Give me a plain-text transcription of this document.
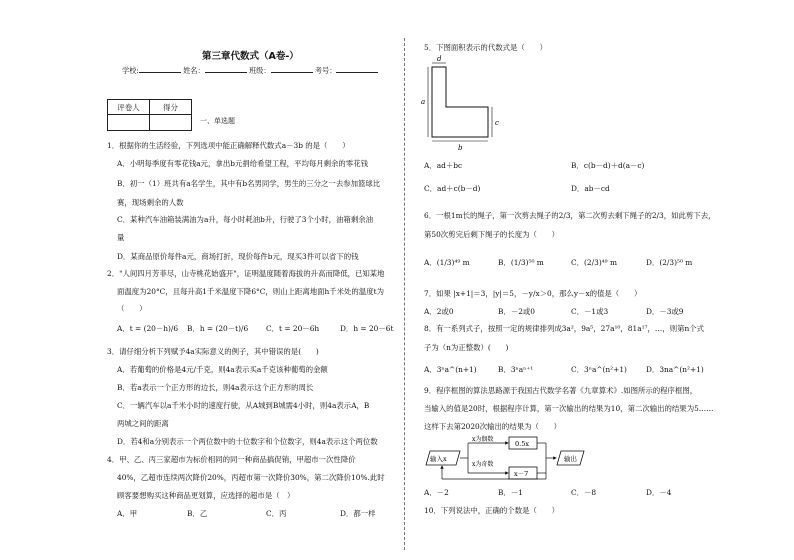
第三章代数式（A卷-）
学校:	姓名：	班级：	考号：
评卷人	得分

一、单选题
1．根据你的生活经验，下列选项中能正确解释代数式a－3b 的是（　　）
A．小明每季度有零花钱a元，拿出b元捐给希望工程，平均每月剩余的零花钱
B．初一（1）班共有a名学生，其中有b名男同学，男生的三分之一去参加篮球比
赛，现场剩余的人数
C．某种汽车油箱装满油为a升，每小时耗油b升，行驶了3个小时，油箱剩余油
量
D．某商品原价每件a元，商场打折，现价每件b元，现买3件可以省下的钱
2．"人间四月芳菲尽，山寺桃花始盛开"，证明温度随着海拔的升高而降低，已知某地
面温度为20°C，且每升高1千米温度下降6°C，则山上距离地面h千米处的温度t为
（　　）
A．t = (20－h)/6 B．h = (20－t)/6 C．t = 20－6h	D．h = 20－6t
3．请仔细分析下列赋予4a实际意义的例子，其中错误的是(　　)
A．若葡萄的价格是4元/千克，则4a表示买a千克该种葡萄的金额
B．若a表示一个正方形的边长，则4a表示这个正方形的周长
C．一辆汽车以a千米小时的速度行驶，从A城到B城需4小时，则4a表示A，B
两城之间的距离
D．若4和a分别表示一个两位数中的十位数字和个位数字，则4a表示这个两位数
4．甲、乙、丙三家超市为标价相同的同一种商品搞促销，甲超市一次性降价
40%，乙超市连续两次降价20%，丙超市第一次降价30%，第二次降价10%.此时
顾客要想购买这种商品更划算，应选择的超市是（　）
A．甲	B．乙	C．丙	D．都一样
5．下图面积表示的代数式是（　　）
d
a
c
b
A．ad＋bc	B．c(b－d)＋d(a－c)
C．ad＋c(b－d)	D．ab－cd
6．一根1m长的绳子，第一次剪去绳子的2/3，第二次剪去剩下绳子的2/3，如此剪下去，
第50次剪完后剩下绳子的长度为（　　）
A．(1/3)⁴⁹ m	B．(1/3)⁵⁰ m	C．(2/3)⁴⁹ m	D．(2/3)⁵⁰ m
7．如果 |x+1|＝3，|y|＝5，－y/x＞0，那么y－x的值是（　　）
A．2或0	B．－2或0	C．－1或3	D．－3或9
8．有一系列式子，按照一定的规律排列成3a²，9a⁵，27a¹⁰，81a¹⁷，…，则第n个式
子为（n为正整数）(　　)
A．3ⁿa^(n+1)	B．3ⁿaⁿ⁺¹	C．3ⁿa^(n²+1)	D．3na^(n²+1)
9．程序框图的算法思路源于我国古代数学名著《九章算术》.如图所示的程序框图，
当输入的值是20时，根据程序计算，第一次输出的结果为10，第二次输出的结果为5……
这样下去第2020次输出的结果为（　　）
输入x
x为偶数
x为奇数
0.5x
x－7
输出
A．－2	B．－1	C．－8	D．－4
10．下列说法中，正确的个数是（　　）
